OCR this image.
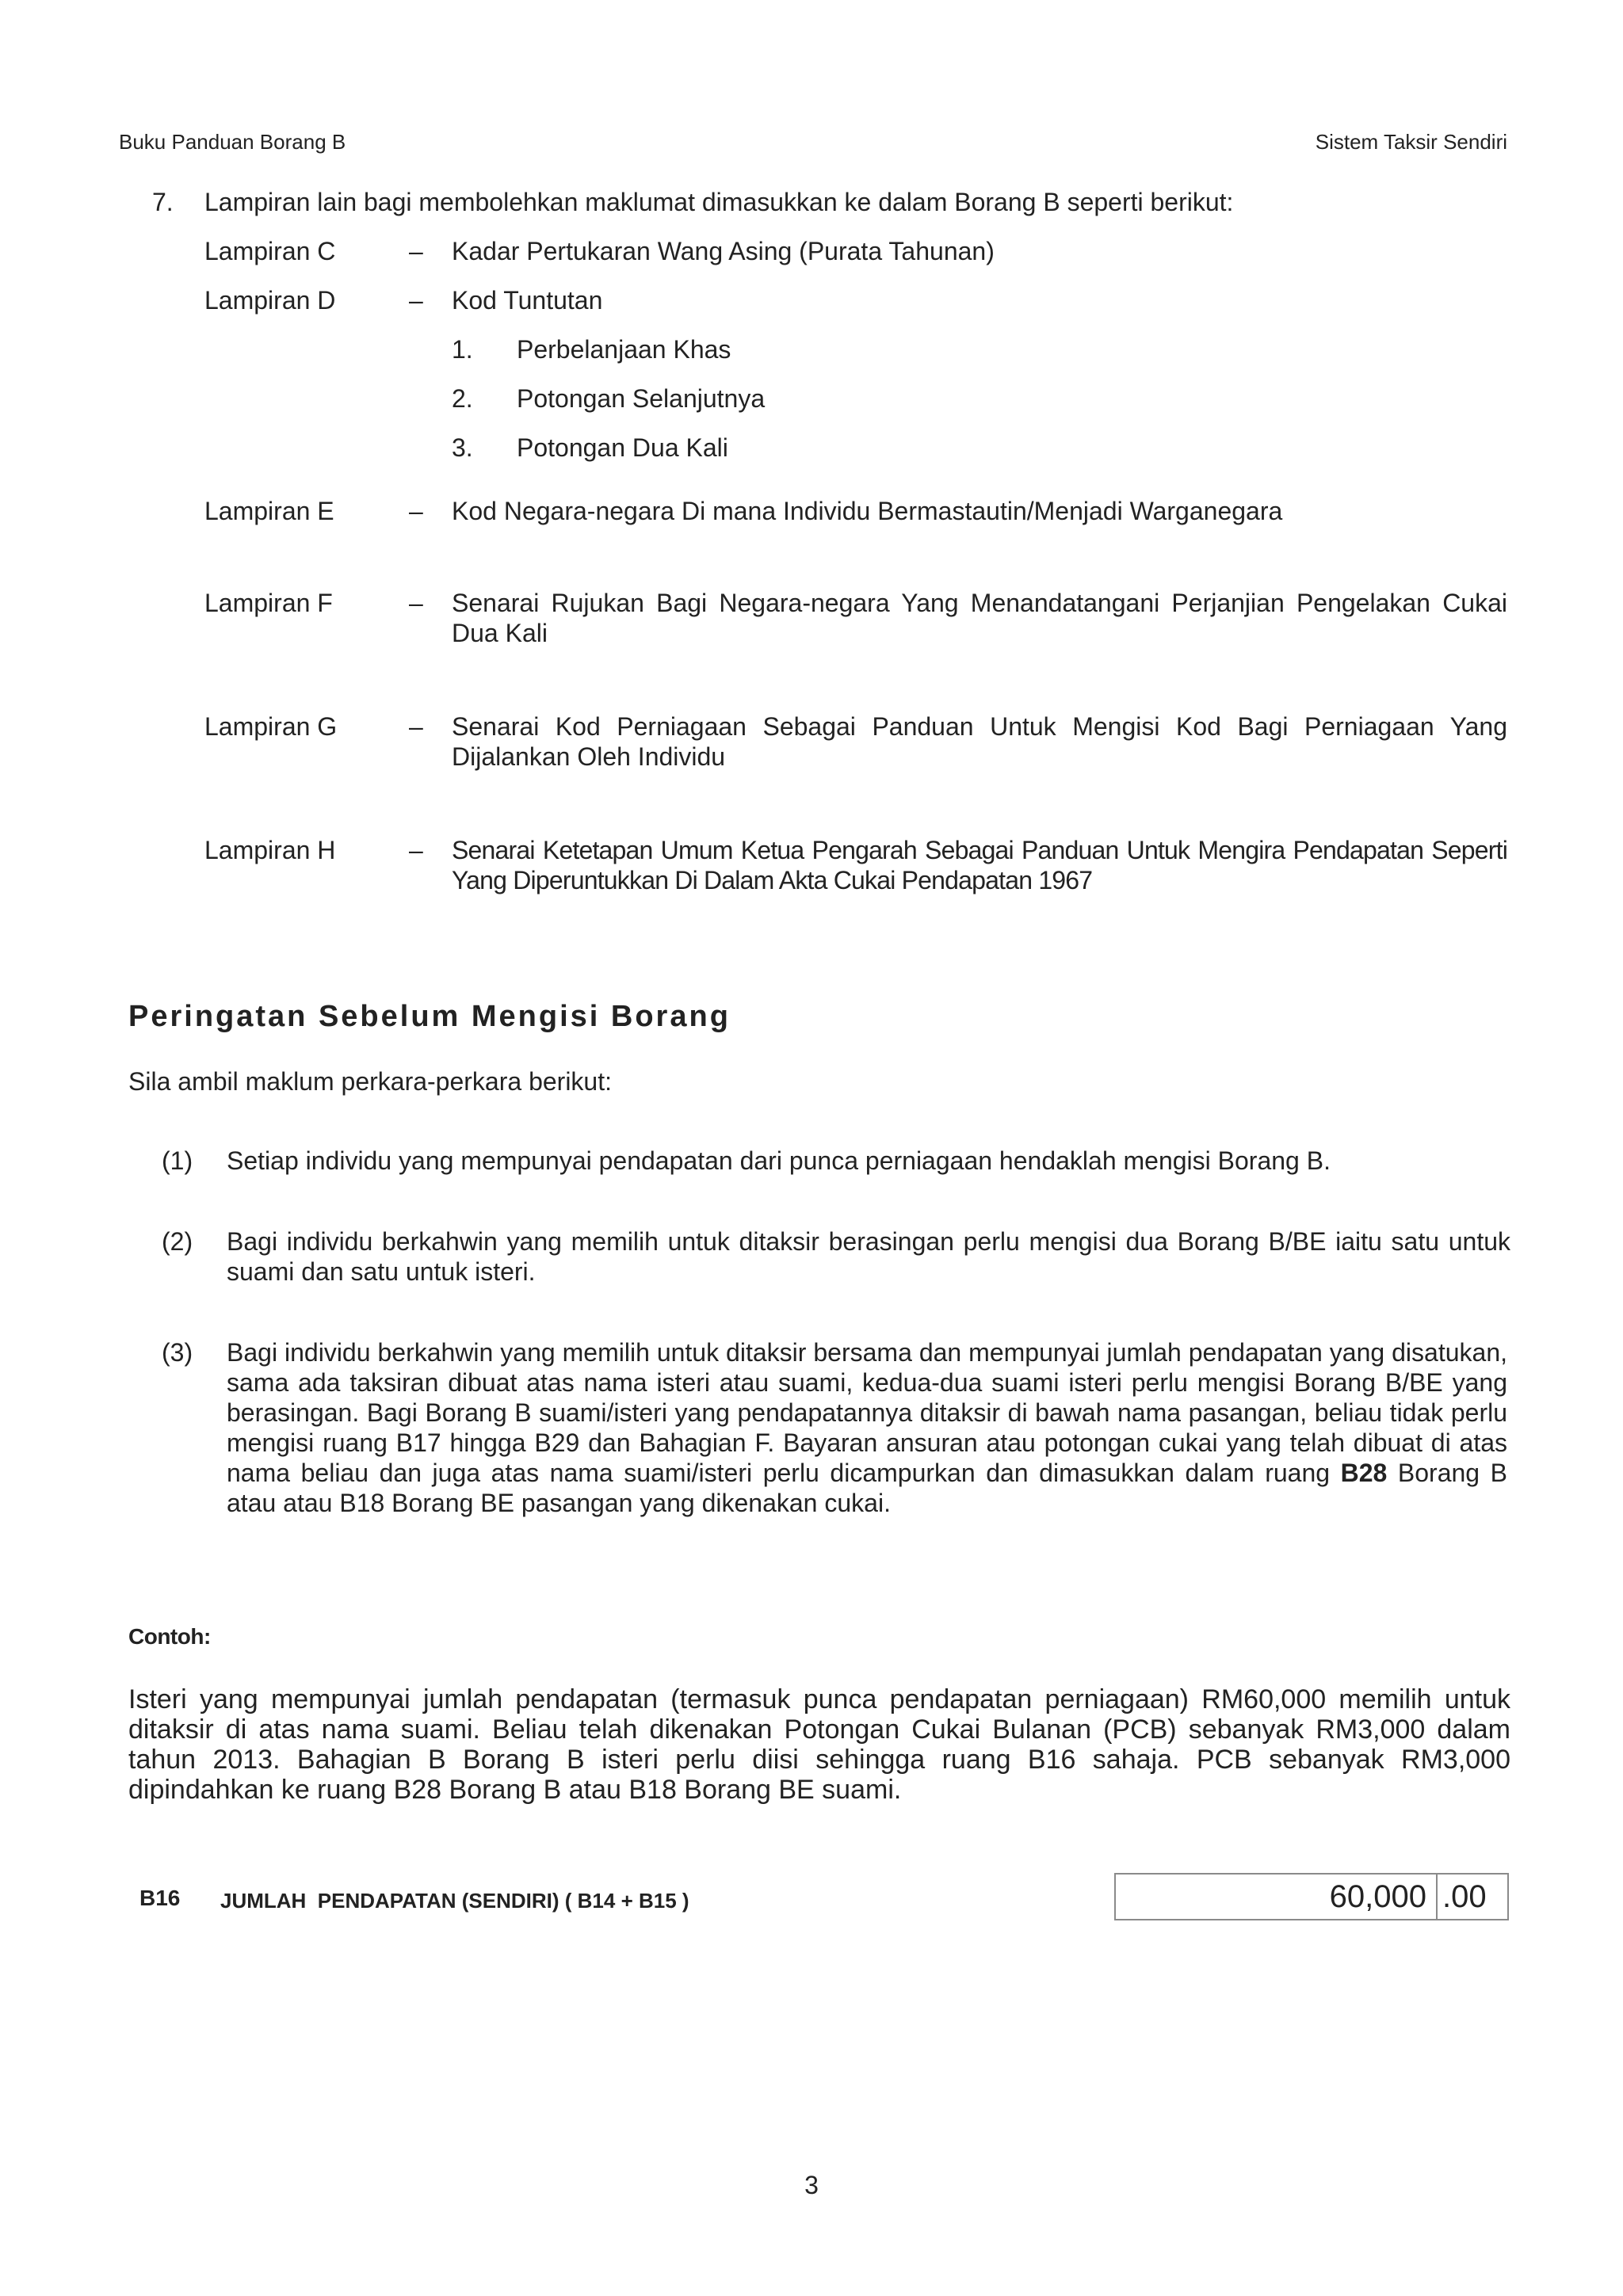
Buku Panduan Borang B	Sistem Taksir Sendiri
7. Lampiran lain bagi membolehkan maklumat dimasukkan ke dalam Borang B seperti berikut:
Lampiran C	– Kadar Pertukaran Wang Asing (Purata Tahunan)
Lampiran D	– Kod Tuntutan
1. Perbelanjaan Khas
2. Potongan Selanjutnya
3. Potongan Dua Kali
Lampiran E	– Kod Negara-negara Di mana Individu Bermastautin/Menjadi Warganegara
Lampiran F	– Senarai Rujukan Bagi Negara-negara Yang Menandatangani Perjanjian Pengelakan Cukai Dua Kali
Lampiran G	– Senarai Kod Perniagaan Sebagai Panduan Untuk Mengisi Kod Bagi Perniagaan Yang Dijalankan Oleh Individu
Lampiran H	– Senarai Ketetapan Umum Ketua Pengarah Sebagai Panduan Untuk Mengira Pendapatan Seperti Yang Diperuntukkan Di Dalam Akta Cukai Pendapatan 1967
Peringatan Sebelum Mengisi Borang
Sila ambil maklum perkara-perkara berikut:
(1) Setiap individu yang mempunyai pendapatan dari punca perniagaan hendaklah mengisi Borang B.
(2) Bagi individu berkahwin yang memilih untuk ditaksir berasingan perlu mengisi dua Borang B/BE iaitu satu untuk suami dan satu untuk isteri.
(3) Bagi individu berkahwin yang memilih untuk ditaksir bersama dan mempunyai jumlah pendapatan yang disatukan, sama ada taksiran dibuat atas nama isteri atau suami, kedua-dua suami isteri perlu mengisi Borang B/BE yang berasingan. Bagi Borang B suami/isteri yang pendapatannya ditaksir di bawah nama pasangan, beliau tidak perlu mengisi ruang B17 hingga B29 dan Bahagian F. Bayaran ansuran atau potongan cukai yang telah dibuat di atas nama beliau dan juga atas nama suami/isteri perlu dicampurkan dan dimasukkan dalam ruang B28 Borang B atau atau B18 Borang BE pasangan yang dikenakan cukai.
Contoh:
Isteri yang mempunyai jumlah pendapatan (termasuk punca pendapatan perniagaan) RM60,000 memilih untuk ditaksir di atas nama suami. Beliau telah dikenakan Potongan Cukai Bulanan (PCB) sebanyak RM3,000 dalam tahun 2013. Bahagian B Borang B isteri perlu diisi sehingga ruang B16 sahaja. PCB sebanyak RM3,000 dipindahkan ke ruang B28 Borang B atau B18 Borang BE suami.
B16 JUMLAH  PENDAPATAN (SENDIRI) ( B14 + B15 )	60,000 .00
3
